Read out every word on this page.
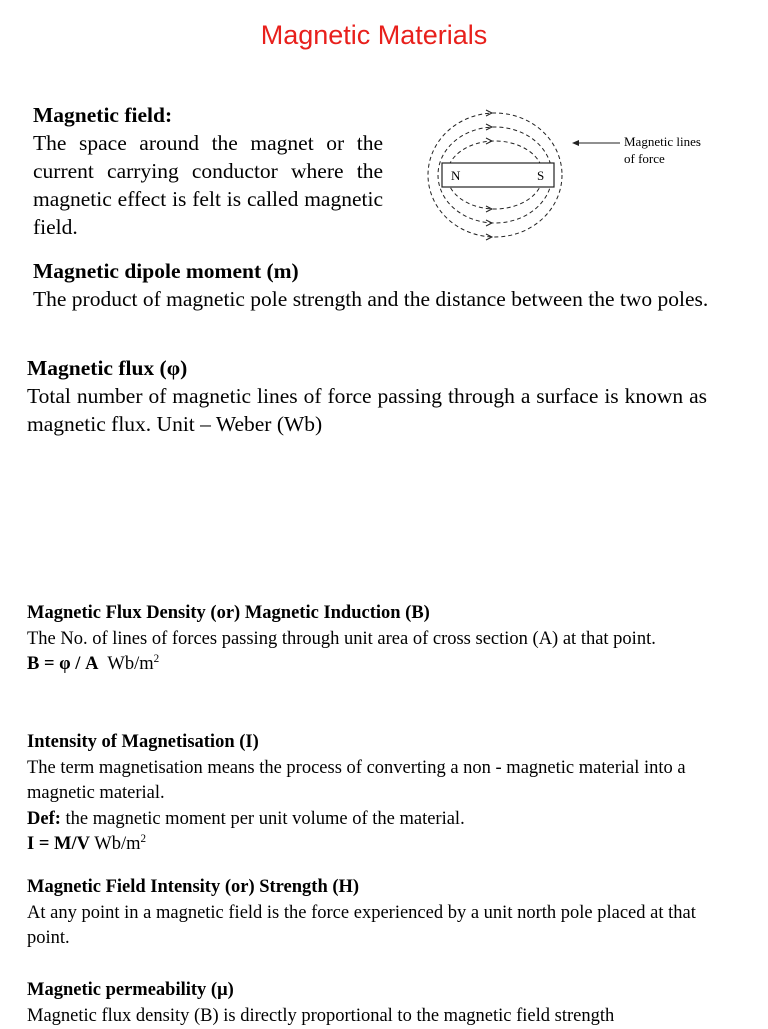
Magnetic Materials
Magnetic field:
The space around the magnet or the current carrying conductor where the magnetic effect is felt is called magnetic field.
N	S
Magnetic lines
of force
Magnetic dipole moment (m)
The product of magnetic pole strength and the distance between the two poles.
Magnetic flux (φ)
Total number of magnetic lines of force passing through a surface is known as magnetic flux. Unit – Weber (Wb)
Magnetic Flux Density (or) Magnetic Induction (B)
The No. of lines of forces passing through unit area of cross section (A) at that point.
B = φ / A $Wb/m^2$
Intensity of Magnetisation (I)
The term magnetisation means the process of converting a non - magnetic material into a magnetic material.
Def: the magnetic moment per unit volume of the material.
I = M/V $Wb/m^2$
Magnetic Field Intensity (or) Strength (H)
At any point in a magnetic field is the force experienced by a unit north pole placed at that point.
Magnetic permeability (μ)
Magnetic flux density (B) is directly proportional to the magnetic field strength
